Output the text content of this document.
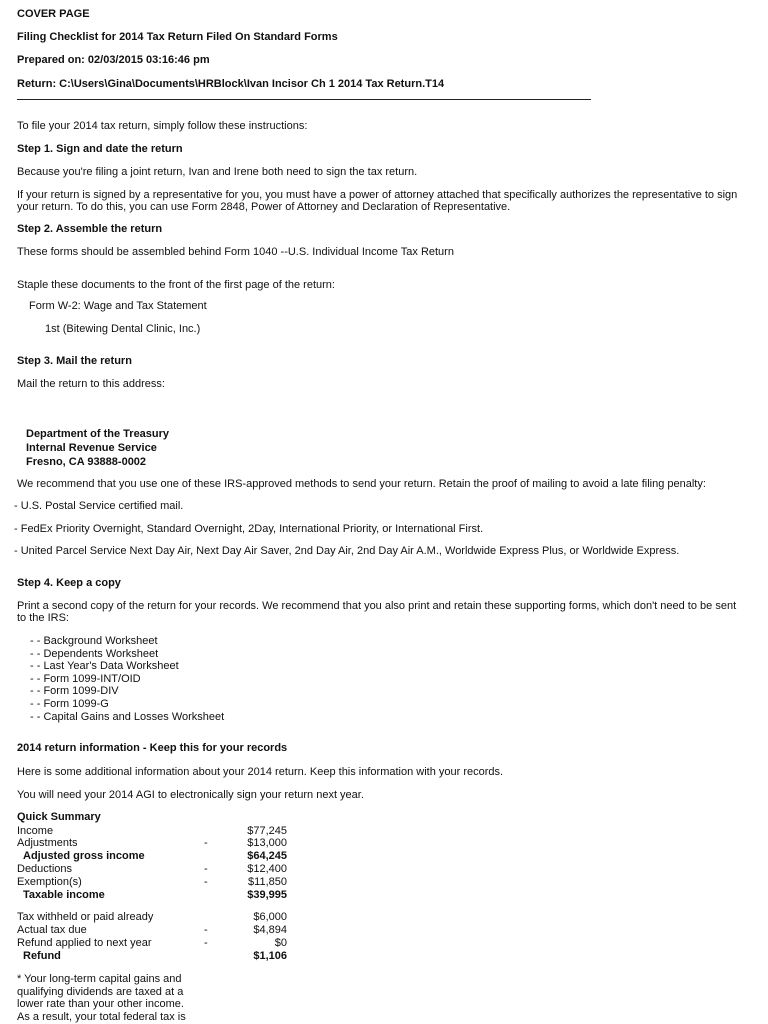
COVER PAGE
Filing Checklist for 2014 Tax Return Filed On Standard Forms
Prepared on: 02/03/2015 03:16:46 pm
Return: C:\Users\Gina\Documents\HRBlock\Ivan Incisor Ch 1 2014 Tax Return.T14
To file your 2014 tax return, simply follow these instructions:
Step 1. Sign and date the return
Because you're filing a joint return, Ivan and Irene both need to sign the tax return.
If your return is signed by a representative for you, you must have a power of attorney attached that specifically authorizes the representative to sign your return. To do this, you can use Form 2848, Power of Attorney and Declaration of Representative.
Step 2. Assemble the return
These forms should be assembled behind Form 1040 --U.S. Individual Income Tax Return
Staple these documents to the front of the first page of the return:
Form W-2: Wage and Tax Statement
1st (Bitewing Dental Clinic, Inc.)
Step 3. Mail the return
Mail the return to this address:
Department of the Treasury
Internal Revenue Service
Fresno, CA 93888-0002
We recommend that you use one of these IRS-approved methods to send your return. Retain the proof of mailing to avoid a late filing penalty:
- U.S. Postal Service certified mail.
- FedEx Priority Overnight, Standard Overnight, 2Day, International Priority, or International First.
- United Parcel Service Next Day Air, Next Day Air Saver, 2nd Day Air, 2nd Day Air A.M., Worldwide Express Plus, or Worldwide Express.
Step 4. Keep a copy
Print a second copy of the return for your records. We recommend that you also print and retain these supporting forms, which don't need to be sent to the IRS:
- - Background Worksheet
- - Dependents Worksheet
- - Last Year's Data Worksheet
- - Form 1099-INT/OID
- - Form 1099-DIV
- - Form 1099-G
- - Capital Gains and Losses Worksheet
2014 return information - Keep this for your records
Here is some additional information about your 2014 return. Keep this information with your records.
You will need your 2014 AGI to electronically sign your return next year.
Quick Summary
Income	$77,245
Adjustments	-	$13,000
Adjusted gross income	$64,245
Deductions	-	$12,400
Exemption(s)	-	$11,850
Taxable income	$39,995
Tax withheld or paid already	$6,000
Actual tax due	-	$4,894
Refund applied to next year	-	$0
Refund	$1,106
* Your long-term capital gains and
qualifying dividends are taxed at a
lower rate than your other income.
As a result, your total federal tax is
